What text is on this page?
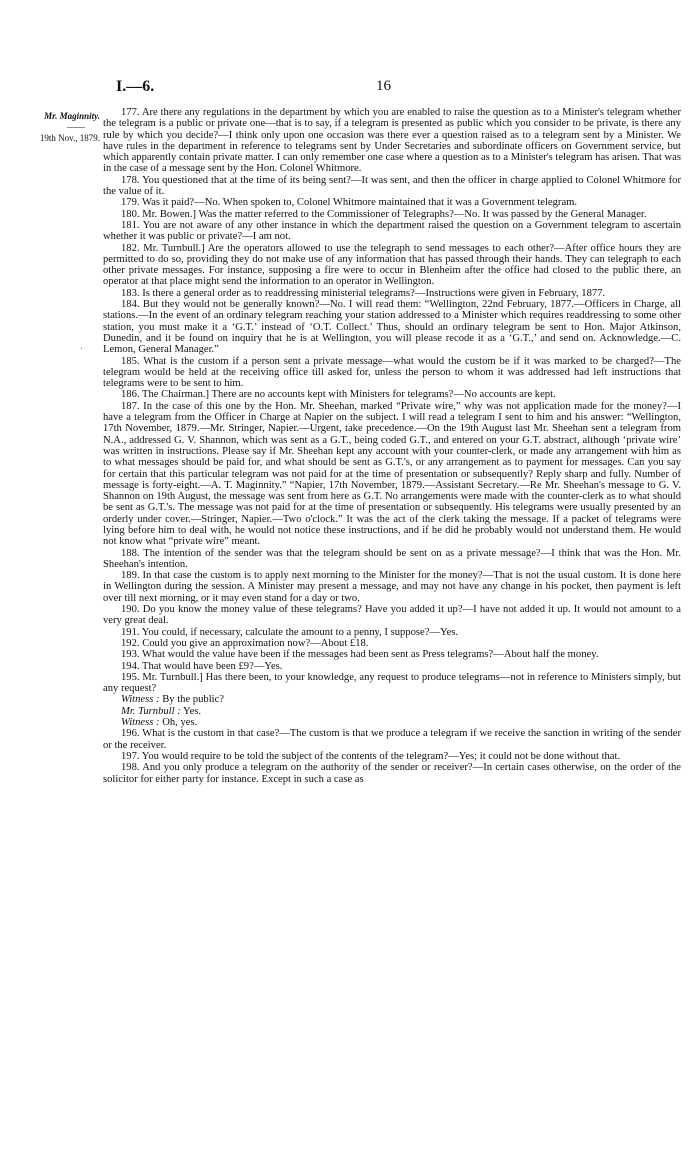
I.—6.	16
Mr. Maginnity.
——
19th Nov., 1879.
’

177. Are there any regulations in the department by which you are enabled to raise the question as to a Minister's telegram whether the telegram is a public or private one—that is to say, if a telegram is presented as public which you consider to be private, is there any rule by which you decide?—I think only upon one occasion was there ever a question raised as to a telegram sent by a Minister. We have rules in the department in reference to telegrams sent by Under Secretaries and subordinate officers on Government service, but which apparently contain private matter. I can only remember one case where a question as to a Minister's telegram has arisen. That was in the case of a message sent by the Hon. Colonel Whitmore.

178. You questioned that at the time of its being sent?—It was sent, and then the officer in charge applied to Colonel Whitmore for the value of it.

179. Was it paid?—No. When spoken to, Colonel Whitmore maintained that it was a Government telegram.

180. Mr. Bowen.] Was the matter referred to the Commissioner of Telegraphs?—No. It was passed by the General Manager.

181. You are not aware of any other instance in which the department raised the question on a Government telegram to ascertain whether it was public or private?—I am not.

182. Mr. Turnbull.] Are the operators allowed to use the telegraph to send messages to each other?—After office hours they are permitted to do so, providing they do not make use of any information that has passed through their hands. They can telegraph to each other private messages. For instance, supposing a fire were to occur in Blenheim after the office had closed to the public there, an operator at that place might send the information to an operator in Wellington.

183. Is there a general order as to readdressing ministerial telegrams?—Instructions were given in February, 1877.

184. But they would not be generally known?—No. I will read them: “Wellington, 22nd February, 1877.—Officers in Charge, all stations.—In the event of an ordinary telegram reaching your station addressed to a Minister which requires readdressing to some other station, you must make it a ‘G.T.’ instead of ‘O.T. Collect.’ Thus, should an ordinary telegram be sent to Hon. Major Atkinson, Dunedin, and it be found on inquiry that he is at Wellington, you will please recode it as a ‘G.T.,’ and send on. Acknowledge.—C. Lemon, General Manager.”

185. What is the custom if a person sent a private message—what would the custom be if it was marked to be charged?—The telegram would be held at the receiving office till asked for, unless the person to whom it was addressed had left instructions that telegrams were to be sent to him.

186. The Chairman.] There are no accounts kept with Ministers for telegrams?—No accounts are kept.

187. In the case of this one by the Hon. Mr. Sheehan, marked “Private wire,” why was not application made for the money?—I have a telegram from the Officer in Charge at Napier on the subject. I will read a telegram I sent to him and his answer: “Wellington, 17th November, 1879.—Mr. Stringer, Napier.—Urgent, take precedence.—On the 19th August last Mr. Sheehan sent a telegram from N.A., addressed G. V. Shannon, which was sent as a G.T., being coded G.T., and entered on your G.T. abstract, although ‘private wire’ was written in instructions. Please say if Mr. Sheehan kept any account with your counter-clerk, or made any arrangement with him as to what messages should be paid for, and what should be sent as G.T.'s, or any arrangement as to payment for messages. Can you say for certain that this particular telegram was not paid for at the time of presentation or subsequently? Reply sharp and fully. Number of message is forty-eight.—A. T. Maginnity.” “Napier, 17th November, 1879.—Assistant Secretary.—Re Mr. Sheehan's message to G. V. Shannon on 19th August, the message was sent from here as G.T. No arrangements were made with the counter-clerk as to what should be sent as G.T.'s. The message was not paid for at the time of presentation or subsequently. His telegrams were usually presented by an orderly under cover.—Stringer, Napier.—Two o'clock.” It was the act of the clerk taking the message. If a packet of telegrams were lying before him to deal with, he would not notice these instructions, and if he did he probably would not understand them. He would not know what “private wire” meant.

188. The intention of the sender was that the telegram should be sent on as a private message?—I think that was the Hon. Mr. Sheehan's intention.

189. In that case the custom is to apply next morning to the Minister for the money?—That is not the usual custom. It is done here in Wellington during the session. A Minister may present a message, and may not have any change in his pocket, then payment is left over till next morning, or it may even stand for a day or two.

190. Do you know the money value of these telegrams? Have you added it up?—I have not added it up. It would not amount to a very great deal.

191. You could, if necessary, calculate the amount to a penny, I suppose?—Yes.

192. Could you give an approximation now?—About £18.

193. What would the value have been if the messages had been sent as Press telegrams?—About half the money.

194. That would have been £9?—Yes.

195. Mr. Turnbull.] Has there been, to your knowledge, any request to produce telegrams—not in reference to Ministers simply, but any request?

Witness : By the public?

Mr. Turnbull : Yes.

Witness : Oh, yes.

196. What is the custom in that case?—The custom is that we produce a telegram if we receive the sanction in writing of the sender or the receiver.

197. You would require to be told the subject of the contents of the telegram?—Yes; it could not be done without that.

198. And you only produce a telegram on the authority of the sender or receiver?—In certain cases otherwise, on the order of the solicitor for either party for instance. Except in such a case as
